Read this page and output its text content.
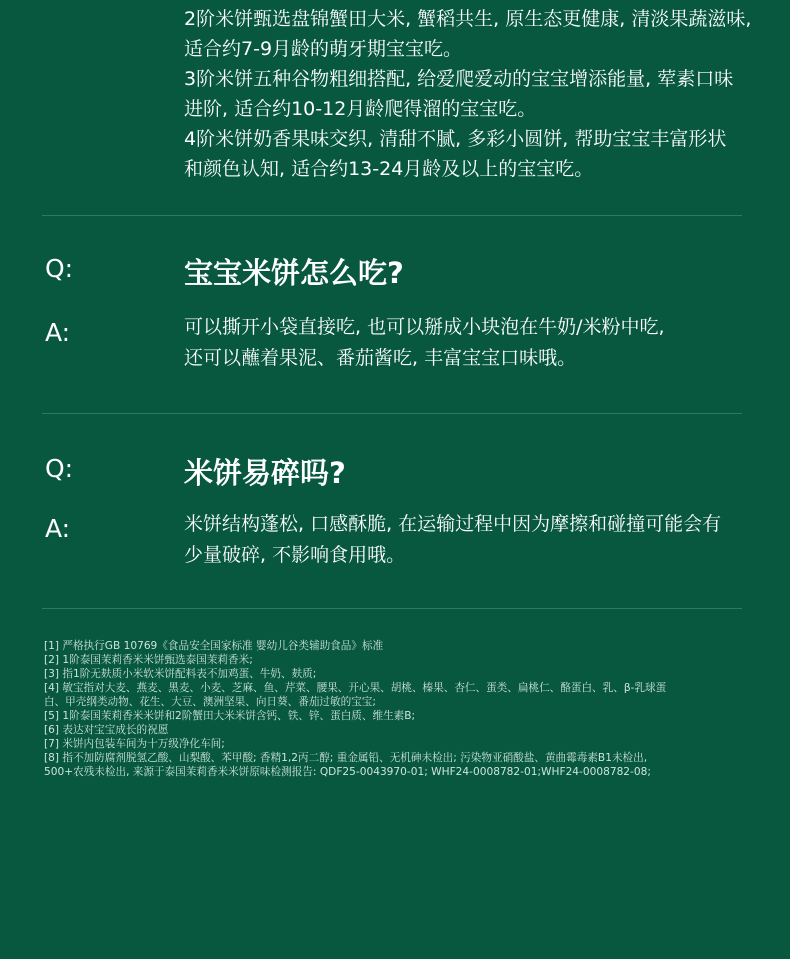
2阶米饼甄选盘锦蟹田大米, 蟹稻共生, 原生态更健康, 清淡果蔬滋味,

适合约7-9月龄的萌牙期宝宝吃。

3阶米饼五种谷物粗细搭配, 给爱爬爱动的宝宝增添能量, 荤素口味

进阶, 适合约10-12月龄爬得溜的宝宝吃。

4阶米饼奶香果味交织, 清甜不腻, 多彩小圆饼, 帮助宝宝丰富形状

和颜色认知, 适合约13-24月龄及以上的宝宝吃。

Q:	宝宝米饼怎么吃?
A:	可以撕开小袋直接吃, 也可以掰成小块泡在牛奶/米粉中吃,

还可以蘸着果泥、番茄酱吃, 丰富宝宝口味哦。

Q:	米饼易碎吗?
A:	米饼结构蓬松, 口感酥脆, 在运输过程中因为摩擦和碰撞可能会有

少量破碎, 不影响食用哦。

[1] 严格执行GB 10769《食品安全国家标准 婴幼儿谷类辅助食品》标准

[2] 1阶泰国茉莉香米米饼甄选泰国茉莉香米;

[3] 指1阶无麸质小米软米饼配料表不加鸡蛋、牛奶、麸质;

[4] 敏宝指对大麦、燕麦、黑麦、小麦、芝麻、鱼、芹菜、腰果、开心果、胡桃、榛果、杏仁、蛋类、扁桃仁、酪蛋白、乳、β-乳球蛋

白、甲壳纲类动物、花生、大豆、澳洲坚果、向日葵、番茄过敏的宝宝;

[5] 1阶泰国茉莉香米米饼和2阶蟹田大米米饼含钙、铁、锌、蛋白质、维生素B;

[6] 表达对宝宝成长的祝愿

[7] 米饼内包装车间为十万级净化车间;

[8] 指不加防腐剂脱氢乙酸、山梨酸、苯甲酸; 香精1,2丙二醇; 重金属铅、无机砷未检出; 污染物亚硝酸盐、黄曲霉毒素B1未检出,

500+农残未检出, 来源于泰国茉莉香米米饼原味检测报告: QDF25-0043970-01; WHF24-0008782-01;WHF24-0008782-08;
